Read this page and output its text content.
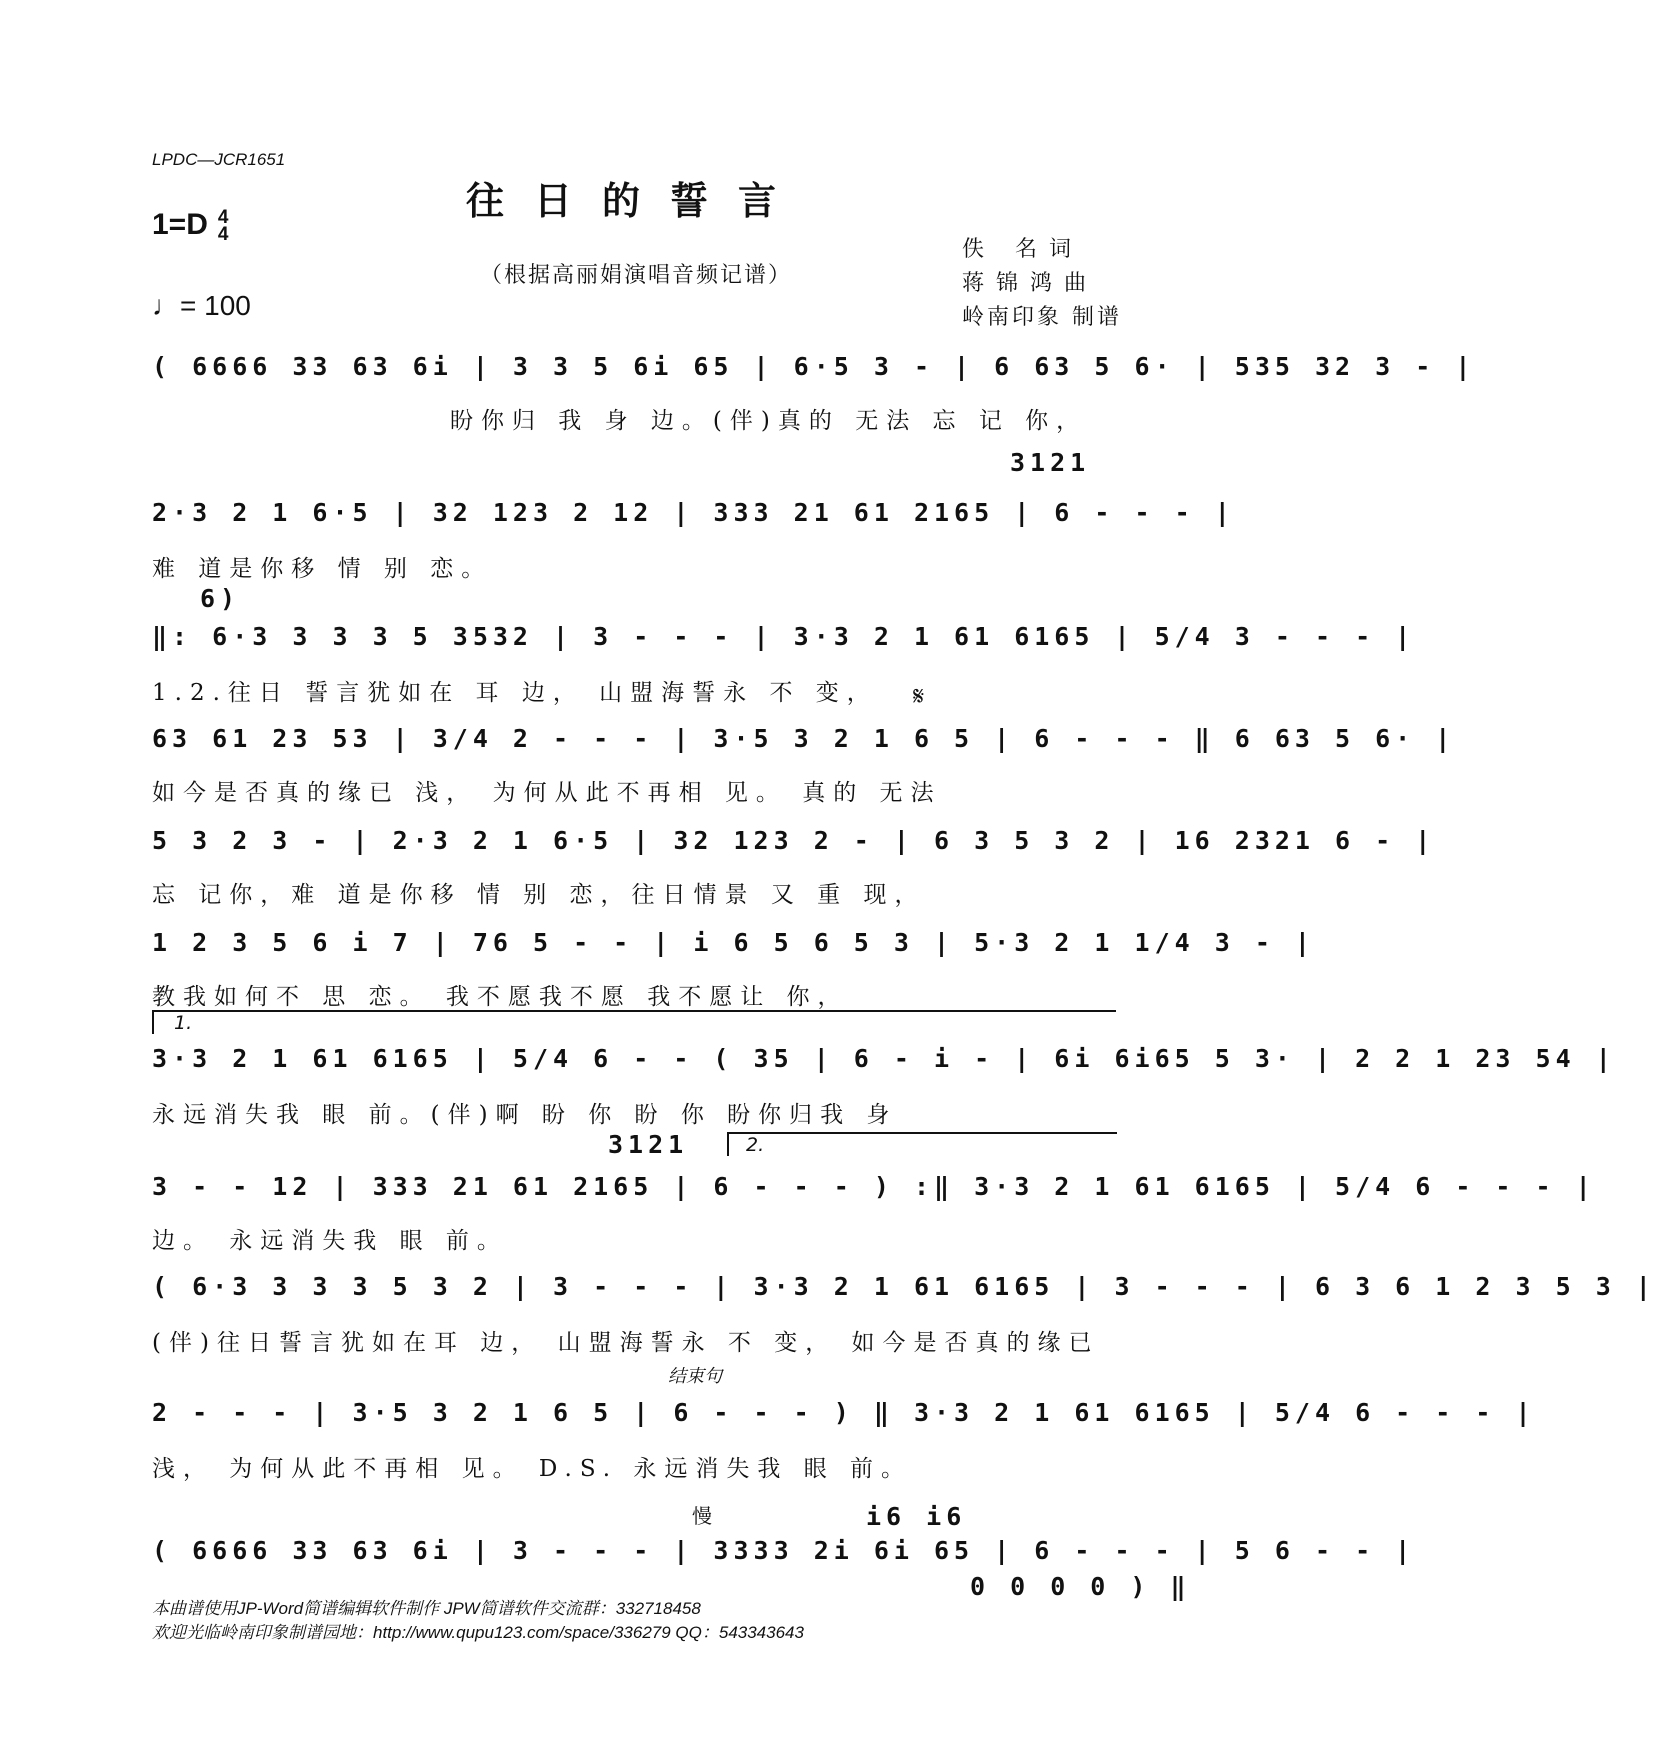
LPDC—JCR1651
往日的誓言
1=D 4
4
♩= 100
（根据高丽娟演唱音频记谱）
佚 名词
蒋锦鸿曲
岭南印象 制谱
( 6666 33 63 6i | 3 3 5 6i 65 | 6·5 3 - | 6 63 5 6· | 535 32 3 - |
盼你归 我 身 边。(伴)真的 无法 忘 记 你，
3121
2·3 2 1 6·5 | 32 123 2 12 | 333 21 61 2165 | 6 - - - |
难 道是你移 情 别 恋。
6)
‖: 6·3 3 3 3 5 3532 | 3 - - - | 3·3 2 1 61 6165 | 5/4 3 - - - |
1.2.往日 誓言犹如在 耳 边， 山盟海誓永 不 变，	𝄋
63 61 23 53 | 3/4 2 - - - | 3·5 3 2 1 6 5 | 6 - - - ‖ 6 63 5 6· |
如今是否真的缘已 浅， 为何从此不再相 见。 真的 无法
5 3 2 3 - | 2·3 2 1 6·5 | 32 123 2 - | 6 3 5 3 2 | 16 2321 6 - |
忘 记你，难 道是你移 情 别 恋，往日情景 又 重 现，
1 2 3 5 6 i 7 | 76 5 - - | i 6 5 6 5 3 | 5·3 2 1 1/4 3 - |
教我如何不 思 恋。 我不愿我不愿 我不愿让 你，
1.
3·3 2 1 61 6165 | 5/4 6 - - ( 35 | 6 - i - | 6i 6i65 5 3· | 2 2 1 23 54 |
永远消失我 眼 前。(伴)啊 盼 你 盼 你 盼你归我 身
3121	2.
3 - - 12 | 333 21 61 2165 | 6 - - - ) :‖ 3·3 2 1 61 6165 | 5/4 6 - - - |
边。 永远消失我 眼 前。
( 6·3 3 3 3 5 3 2 | 3 - - - | 3·3 2 1 61 6165 | 3 - - - | 6 3 6 1 2 3 5 3 |
(伴)往日誓言犹如在耳 边， 山盟海誓永 不 变， 如今是否真的缘已
结束句
2 - - - | 3·5 3 2 1 6 5 | 6 - - - ) ‖ 3·3 2 1 61 6165 | 5/4 6 - - - |
浅， 为何从此不再相 见。 D.S. 永远消失我 眼 前。
慢	i6 i6
( 6666 33 63 6i | 3 - - - | 3333 2i 6i 65 | 6 - - - | 5 6 - - |
0 0 0 0 ) ‖
本曲谱使用JP-Word简谱编辑软件制作 JPW简谱软件交流群：332718458
欢迎光临岭南印象制谱园地：http://www.qupu123.com/space/336279 QQ：543343643
